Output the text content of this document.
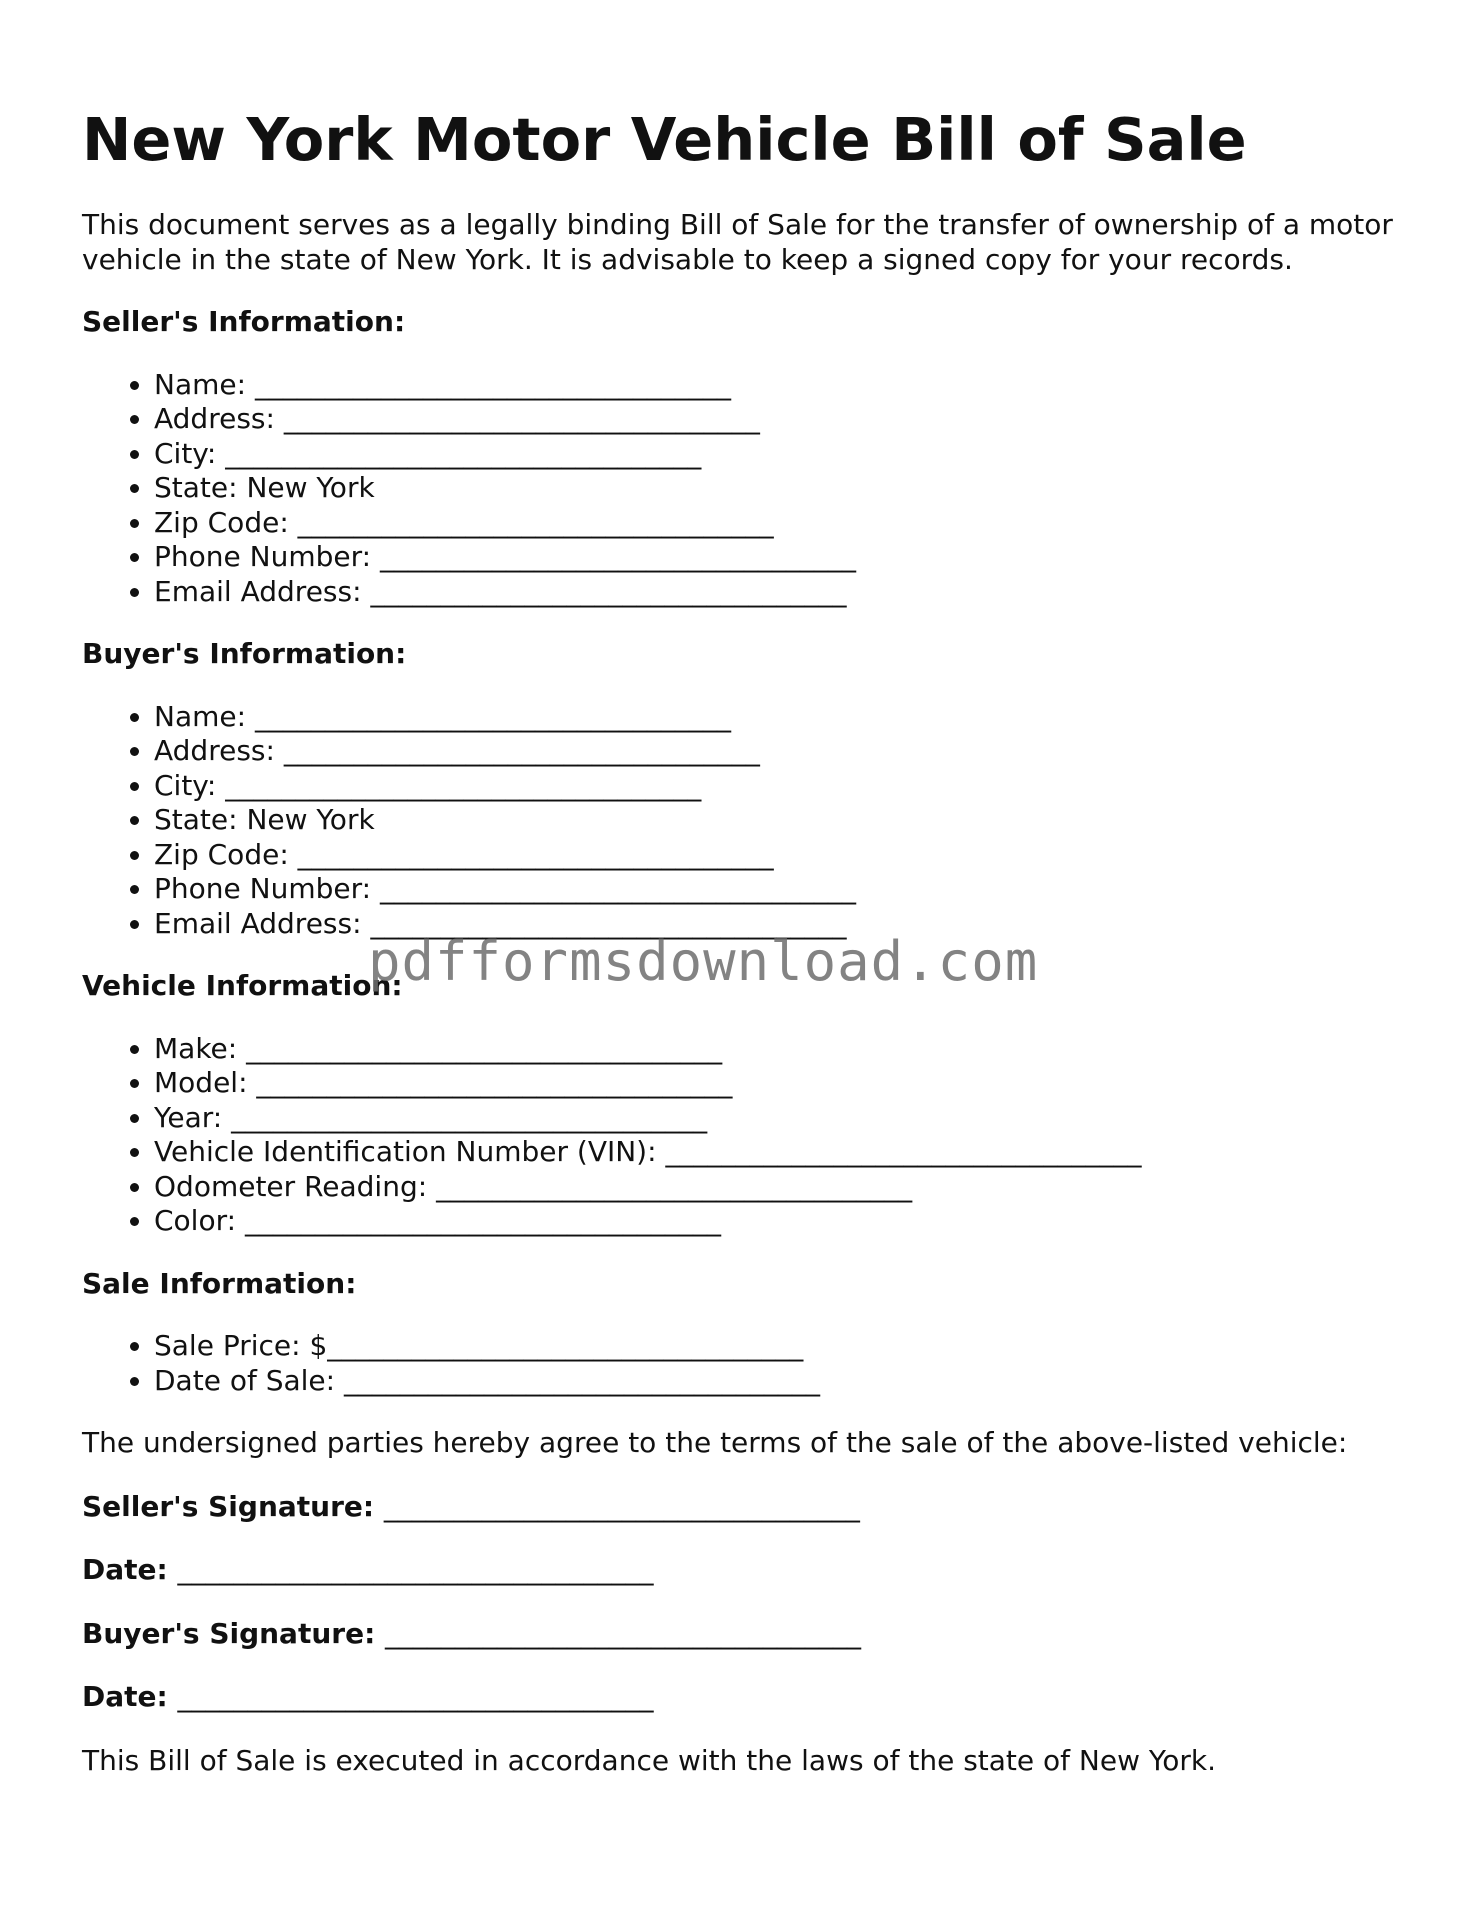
New York Motor Vehicle Bill of Sale

This document serves as a legally binding Bill of Sale for the transfer of ownership of a motor vehicle in the state of New York. It is advisable to keep a signed copy for your records.

Seller's Information:
• Name: __________________________________
• Address: __________________________________
• City: __________________________________
• State: New York
• Zip Code: __________________________________
• Phone Number: __________________________________
• Email Address: __________________________________
Buyer's Information:
• Name: __________________________________
• Address: __________________________________
• City: __________________________________
• State: New York
• Zip Code: __________________________________
• Phone Number: __________________________________
• Email Address: __________________________________
Vehicle Information:
• Make: __________________________________
• Model: __________________________________
• Year: __________________________________
• Vehicle Identification Number (VIN): __________________________________
• Odometer Reading: __________________________________
• Color: __________________________________
Sale Information:
• Sale Price: $__________________________________
• Date of Sale: __________________________________

The undersigned parties hereby agree to the terms of the sale of the above-listed vehicle:

Seller's Signature: __________________________________

Date: __________________________________

Buyer's Signature: __________________________________

Date: __________________________________

This Bill of Sale is executed in accordance with the laws of the state of New York.

pdfformsdownload.com
